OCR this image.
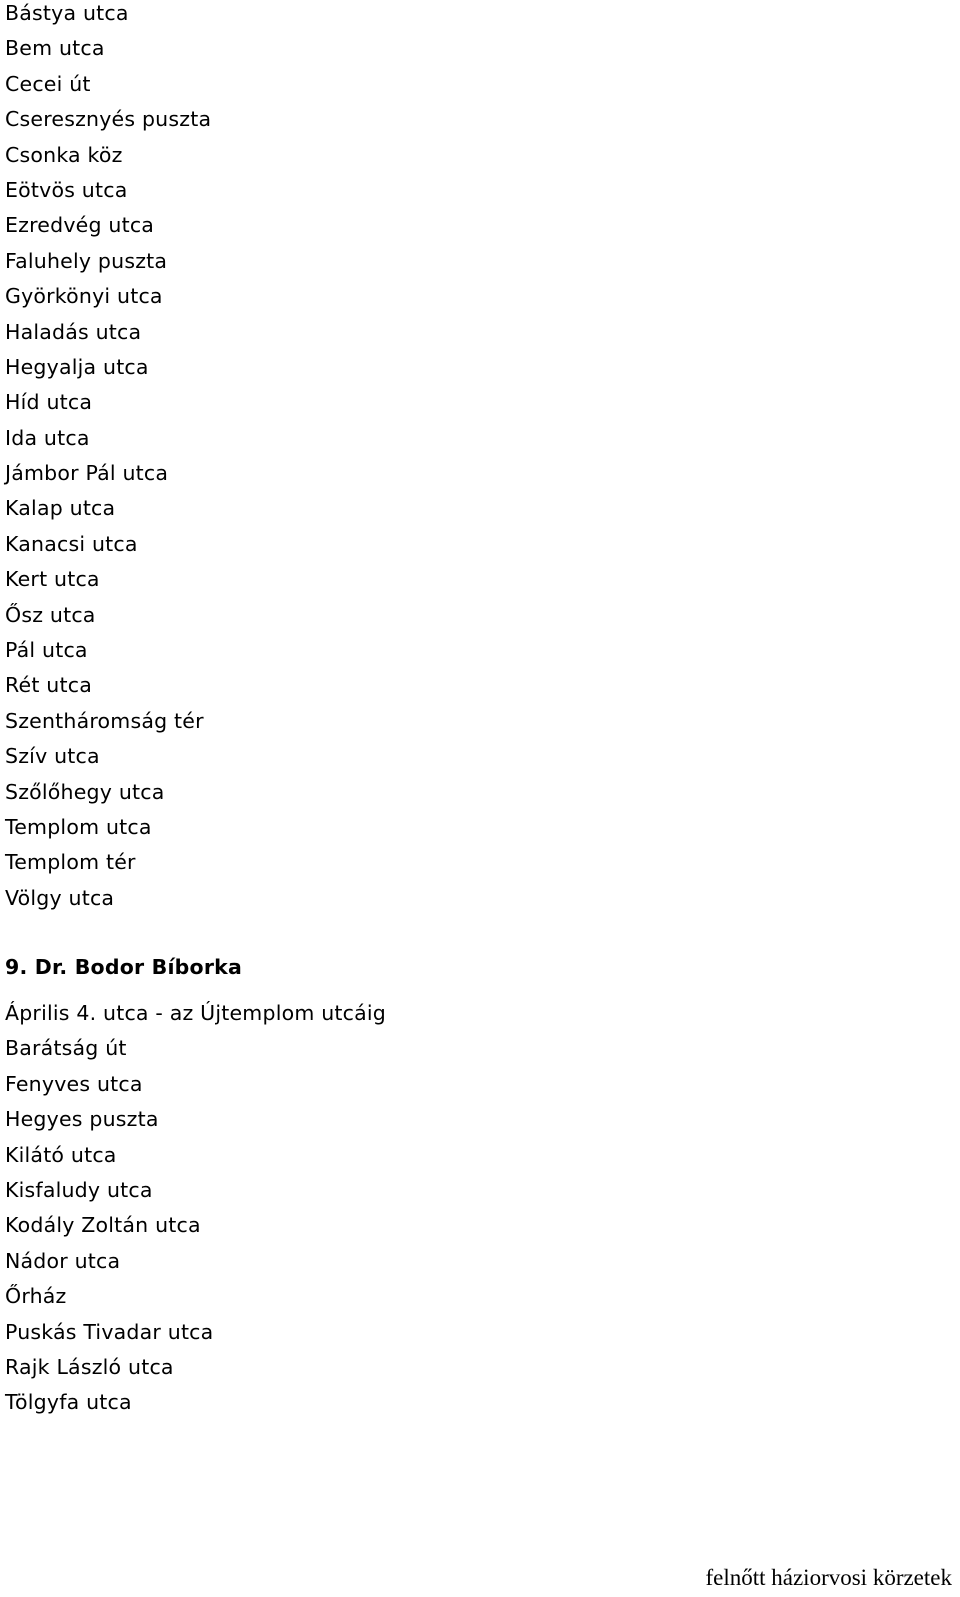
Bástya utca
Bem utca
Cecei út
Cseresznyés puszta
Csonka köz
Eötvös utca
Ezredvég utca
Faluhely puszta
Györkönyi utca
Haladás utca
Hegyalja utca
Híd utca
Ida utca
Jámbor Pál utca
Kalap utca
Kanacsi utca
Kert utca
Ősz utca
Pál utca
Rét utca
Szentháromság tér
Szív utca
Szőlőhegy utca
Templom utca
Templom tér
Völgy utca
9. Dr. Bodor Bíborka
Április 4. utca - az Újtemplom utcáig
Barátság út
Fenyves utca
Hegyes puszta
Kilátó utca
Kisfaludy utca
Kodály Zoltán utca
Nádor utca
Őrház
Puskás Tivadar utca
Rajk László utca
Tölgyfa utca
felnőtt háziorvosi körzetek
